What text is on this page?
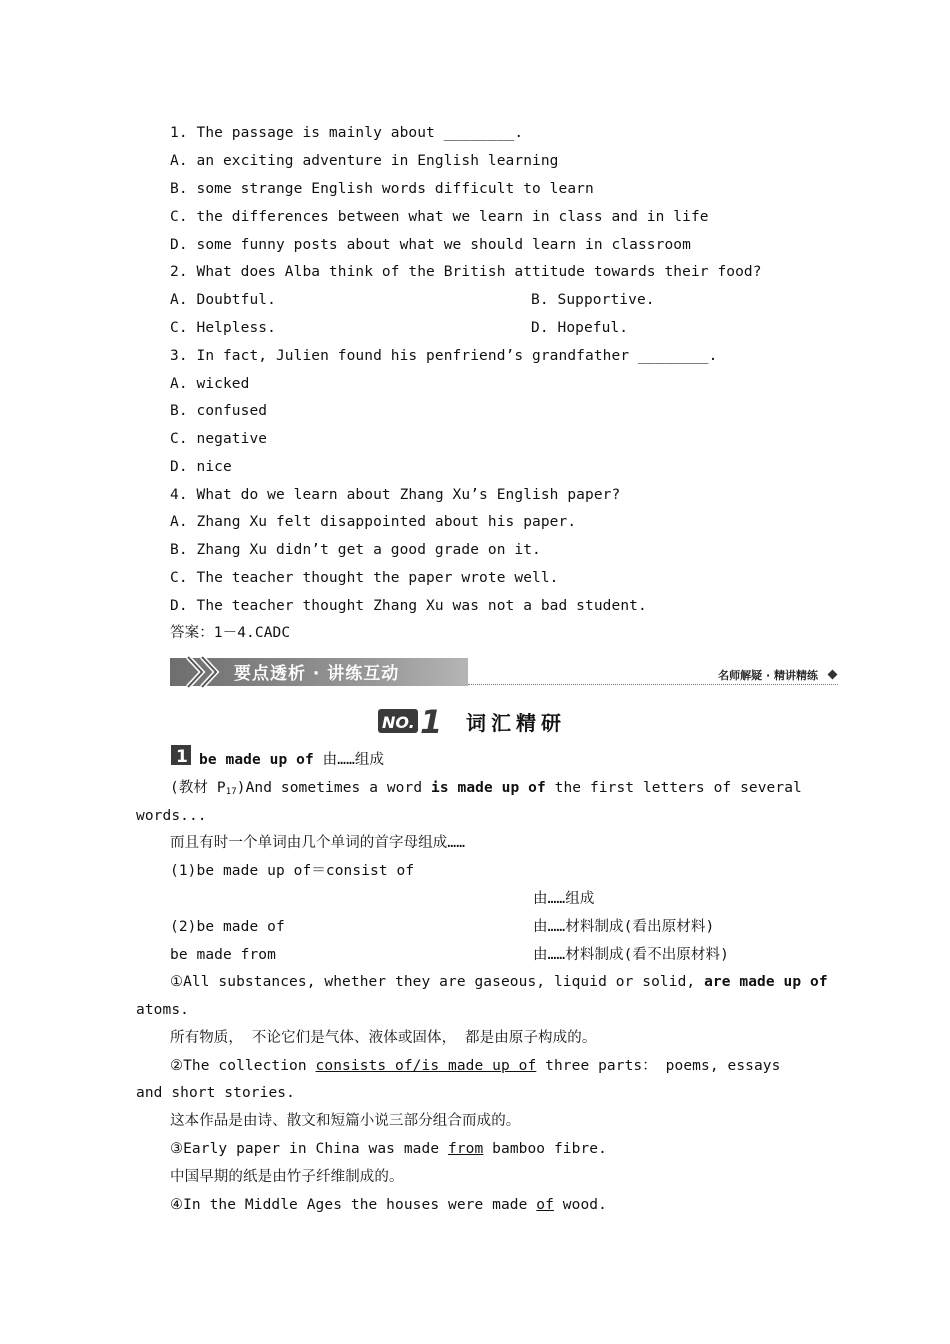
1. The passage is mainly about ________.
A. an exciting adventure in English learning
B. some strange English words difficult to learn
C. the differences between what we learn in class and in life
D. some funny posts about what we should learn in classroom
2. What does Alba think of the British attitude towards their food?
A. Doubtful.	B. Supportive.
C. Helpless.	D. Hopeful.
3. In fact, Julien found his penfriend’s grandfather ________.
A. wicked
B. confused
C. negative
D. nice
4. What do we learn about Zhang Xu’s English paper?
A. Zhang Xu felt disappointed about his paper.
B. Zhang Xu didn’t get a good grade on it.
C. The teacher thought the paper wrote well.
D. The teacher thought Zhang Xu was not a bad student.
答案：1－4.CADC
要点透析 · 讲练互动	名师解疑 · 精讲精练
NO. 1 词汇精研
1 be made up of 由……组成
(教材 P17)And sometimes a word is made up of the first letters of several
words...
而且有时一个单词由几个单词的首字母组成……
(1)be made up of＝consist of
由……组成
(2)be made of	由……材料制成(看出原材料)
be made from	由……材料制成(看不出原材料)
①All substances, whether they are gaseous, liquid or solid, are made up of
atoms.
所有物质， 不论它们是气体、液体或固体， 都是由原子构成的。
②The collection consists of/is made up of three parts： poems, essays
and short stories.
这本作品是由诗、散文和短篇小说三部分组合而成的。
③Early paper in China was made from bamboo fibre.
中国早期的纸是由竹子纤维制成的。
④In the Middle Ages the houses were made of wood.
